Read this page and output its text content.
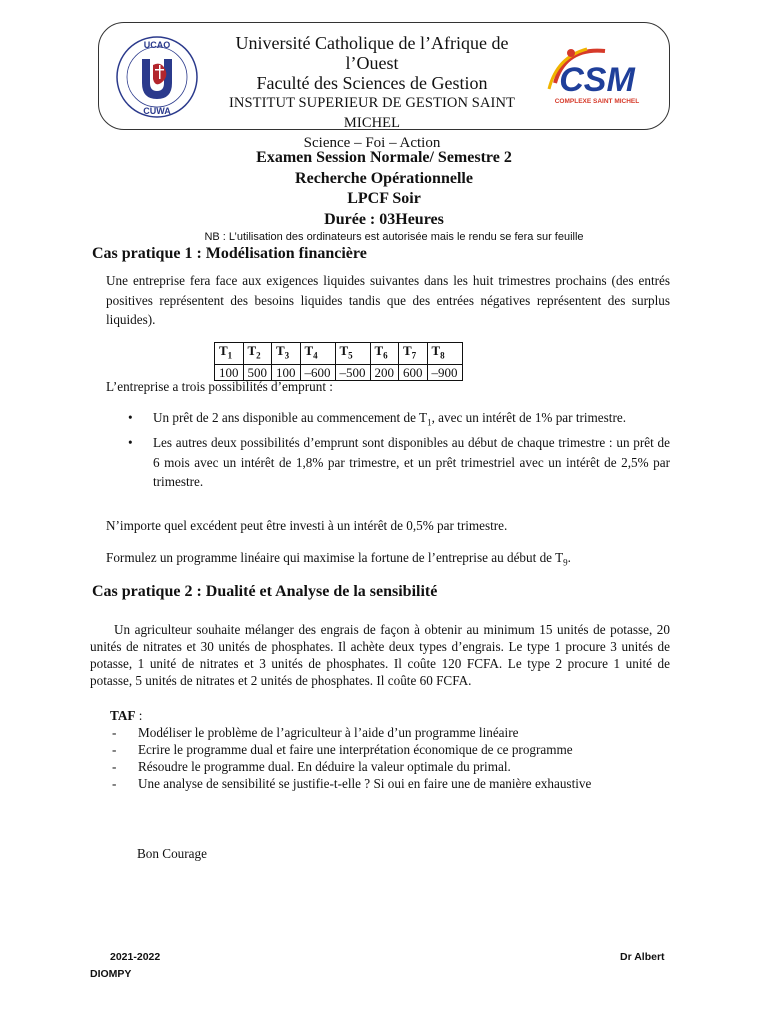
UCAO
CUWA
Université Catholique de l’Afrique de l’Ouest
Faculté des Sciences de Gestion
INSTITUT SUPERIEUR DE GESTION SAINT MICHEL
Science – Foi – Action
CSM
COMPLEXE SAINT MICHEL
Examen Session Normale/ Semestre 2
Recherche Opérationnelle
LPCF Soir
Durée : 03Heures
NB : L’utilisation des ordinateurs est autorisée mais le rendu se fera sur feuille
Cas pratique 1 : Modélisation financière
Une entreprise fera face aux exigences liquides suivantes dans les huit trimestres prochains (des entrés positives représentent des besoins liquides tandis que des entrées négatives représentent des surplus liquides).
$T_1$	$T_2$	$T_3$	$T_4$	$T_5$	$T_6$	$T_7$	$T_8$
100	500	100	–600	–500	200	600	–900
L’entreprise a trois possibilités d’emprunt :
• Un prêt de 2 ans disponible au commencement de $T_1$, avec un intérêt de 1% par trimestre.
• Les autres deux possibilités d’emprunt sont disponibles au début de chaque trimestre : un prêt de 6 mois avec un intérêt de 1,8% par trimestre, et un prêt trimestriel avec un intérêt de 2,5% par trimestre.
N’importe quel excédent peut être investi à un intérêt de 0,5% par trimestre.
Formulez un programme linéaire qui maximise la fortune de l’entreprise au début de $T_9$.
Cas pratique 2 : Dualité et Analyse de la sensibilité
Un agriculteur souhaite mélanger des engrais de façon à obtenir au minimum 15 unités de potasse, 20 unités de nitrates et 30 unités de phosphates. Il achète deux types d’engrais. Le type 1 procure 3 unités de potasse, 1 unité de nitrates et 3 unités de phosphates. Il coûte 120 FCFA. Le type 2 procure 1 unité de potasse, 5 unités de nitrates et 2 unités de phosphates. Il coûte 60 FCFA.
TAF :
- Modéliser le problème de l’agriculteur à l’aide d’un programme linéaire
- Ecrire le programme dual et faire une interprétation économique de ce programme
- Résoudre le programme dual. En déduire la valeur optimale du primal.
- Une analyse de sensibilité se justifie-t-elle ? Si oui en faire une de manière exhaustive
Bon Courage
2021-2022	Dr Albert
DIOMPY
